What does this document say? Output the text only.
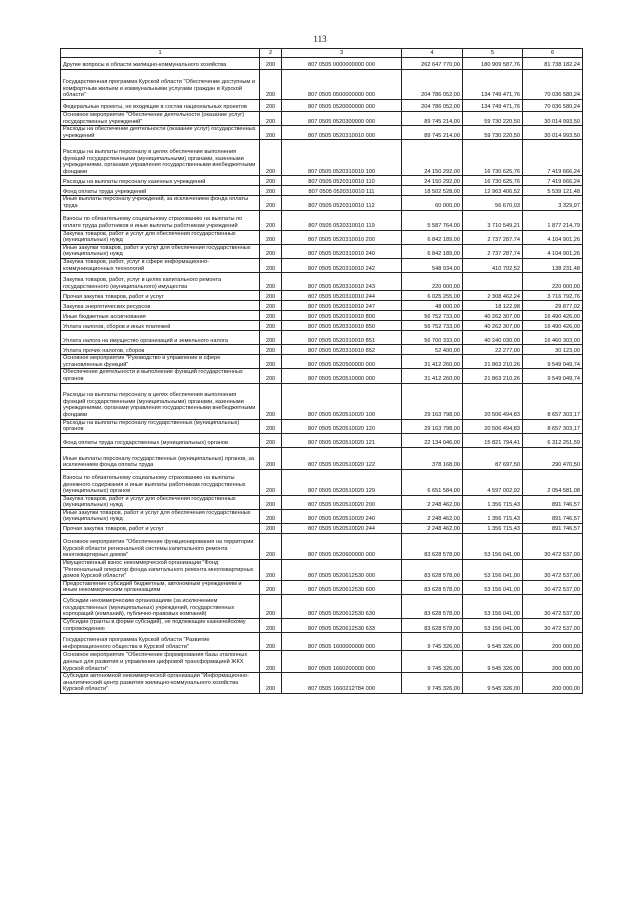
113
1	2	3	4	5	6
Другие вопросы в области жилищно-коммунального хозяйства	200	807 0505 0000000000 000	262 647 770,00	180 909 587,76	81 738 182,24
Государственная программа Курской области "Обеспечение доступным и комфортным жильем и коммунальными услугами граждан в Курской области"	200	807 0505 0500000000 000	204 786 052,00	134 749 471,76	70 036 580,24
Федеральные проекты, не входящие в состав национальных проектов	200	807 0505 0520000000 000	204 786 052,00	134 749 471,76	70 036 580,24
Основное мероприятие "Обеспечение деятельности (оказание услуг) государственных учреждений"	200	807 0505 0520300000 000	89 745 214,00	59 730 220,50	30 014 993,50
Расходы на обеспечение деятельности (оказание услуг) государственных учреждений	200	807 0505 0520310010 000	89 745 214,00	59 730 220,50	30 014 993,50
Расходы на выплаты персоналу в целях обеспечения выполнения функций государственными (муниципальными) органами, казенными учреждениями, органами управления государственными внебюджетными фондами	200	807 0505 0520310010 100	24 150 292,00	16 730 625,76	7 419 666,24
Расходы на выплаты персоналу казенных учреждений	200	807 0505 0520310010 110	24 150 292,00	16 730 625,76	7 419 666,24
Фонд оплаты труда учреждений	200	807 0505 0520310010 111	18 502 528,00	12 963 406,52	5 539 121,48
Иные выплаты персоналу учреждений, за исключением фонда оплаты труда	200	807 0505 0520310010 112	60 000,00	56 670,03	3 329,97
Взносы по обязательному социальному страхованию на выплаты по оплате труда работников и иные выплаты работникам учреждений	200	807 0505 0520310010 119	5 587 764,00	3 710 549,21	1 877 214,79
Закупка товаров, работ и услуг для обеспечения государственных (муниципальных) нужд	200	807 0505 0520310010 200	6 842 189,00	2 737 287,74	4 104 901,26
Иные закупки товаров, работ и услуг для обеспечения государственных (муниципальных) нужд	200	807 0505 0520310010 240	6 842 189,00	2 737 287,74	4 104 901,26
Закупка товаров, работ, услуг в сфере информационно-коммуникационных технологий	200	807 0505 0520310010 242	548 934,00	410 702,52	138 231,48
Закупка товаров, работ, услуг в целях капитального ремонта государственного (муниципального) имущества	200	807 0505 0520310010 243	220 000,00		220 000,00
Прочая закупка товаров, работ и услуг	200	807 0505 0520310010 244	6 025 255,00	2 308 462,24	3 716 792,76
Закупка энергетических ресурсов	200	807 0505 0520310010 247	48 000,00	18 122,98	29 877,02
Иные бюджетные ассигнования	200	807 0505 0520310010 800	56 752 733,00	40 262 307,00	16 490 426,00
Уплата налогов, сборов и иных платежей	200	807 0505 0520310010 850	56 752 733,00	40 262 307,00	16 490 426,00
Уплата налога на имущество организаций и земельного налога	200	807 0505 0520310010 851	56 700 333,00	40 240 030,00	16 460 303,00
Уплата прочих налогов, сборов	200	807 0505 0520310010 852	52 400,00	22 277,00	30 123,00
Основное мероприятие "Руководство и управление в сфере установленных функций"	200	807 0505 0520500000 000	31 412 260,00	21 863 210,26	9 549 049,74
Обеспечение деятельности и выполнение функций государственных органов	200	807 0505 0520510000 000	31 412 260,00	21 863 210,26	9 549 049,74
Расходы на выплаты персоналу в целях обеспечения выполнения функций государственными (муниципальными) органами, казенными учреждениями, органами управления государственными внебюджетными фондами	200	807 0505 0520510020 100	29 163 798,00	20 506 494,83	8 657 303,17
Расходы на выплаты персоналу государственных (муниципальных) органов	200	807 0505 0520510020 120	29 163 798,00	20 506 494,83	8 657 303,17
Фонд оплаты труда государственных (муниципальных) органов	200	807 0505 0520510020 121	22 134 046,00	15 821 794,41	6 312 251,59
Иные выплаты персоналу государственных (муниципальных) органов, за исключением фонда оплаты труда	200	807 0505 0520510020 122	378 168,00	87 697,50	290 470,50
Взносы по обязательному социальному страхованию на выплаты денежного содержания и иные выплаты работникам государственных (муниципальных) органов	200	807 0505 0520510020 129	6 651 584,00	4 597 002,92	2 054 581,08
Закупка товаров, работ и услуг для обеспечения государственных (муниципальных) нужд	200	807 0505 0520510020 200	2 248 462,00	1 356 715,43	891 746,57
Иные закупки товаров, работ и услуг для обеспечения государственных (муниципальных) нужд	200	807 0505 0520510020 240	2 248 462,00	1 356 715,43	891 746,57
Прочая закупка товаров, работ и услуг	200	807 0505 0520510020 244	2 248 462,00	1 356 715,43	891 746,57
Основное мероприятие "Обеспечение функционирования на территории Курской области региональной системы капитального ремонта многоквартирных домов"	200	807 0505 0520600000 000	83 628 578,00	53 156 041,00	30 472 537,00
Имущественный взнос некоммерческой организации "Фонд "Региональный оператор фонда капитального ремонта многоквартирных домов Курской области"	200	807 0505 0520612530 000	83 628 578,00	53 156 041,00	30 472 537,00
Предоставление субсидий бюджетным, автономным учреждениям и иным некоммерческим организациям	200	807 0505 0520612530 600	83 628 578,00	53 156 041,00	30 472 537,00
Субсидии некоммерческим организациям (за исключением государственных (муниципальных) учреждений, государственных корпораций (компаний), публично-правовых компаний)	200	807 0505 0520612530 630	83 628 578,00	53 156 041,00	30 472 537,00
Субсидии (гранты в форме субсидий), не подлежащие казначейскому сопровождению	200	807 0505 0520612530 633	83 628 578,00	53 156 041,00	30 472 537,00
Государственная программа Курской области "Развитие информационного общества в Курской области"	200	807 0505 1600000000 000	9 745 326,00	9 545 326,00	200 000,00
Основное мероприятие "Обеспечение формирования базы эталонных данных для развития и управления цифровой трансформацией ЖКХ Курской области"	200	807 0505 1660200000 000	9 745 326,00	9 545 326,00	200 000,00
Субсидии автономной некоммерческой организации "Информационно-аналитический центр развития жилищно-коммунального хозяйства Курской области"	200	807 0505 1660212784 000	9 745 326,00	9 545 326,00	200 000,00
